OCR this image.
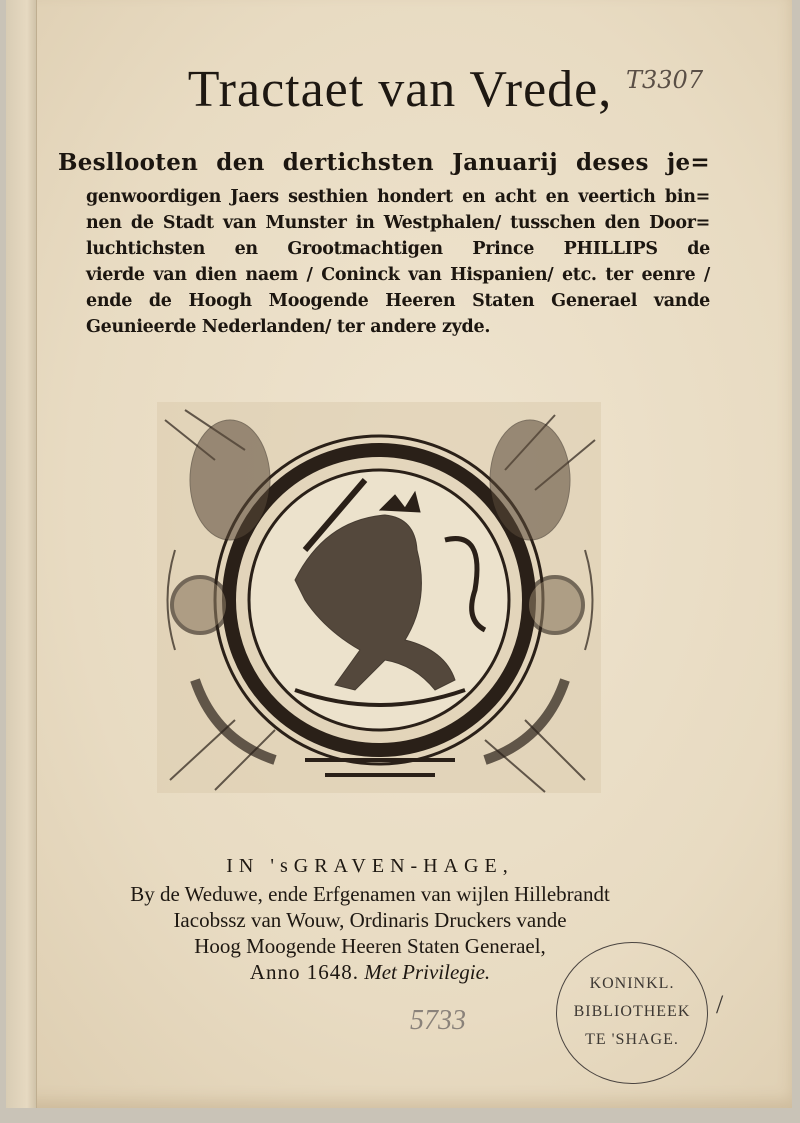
Tractaet van Vrede, T3307
Besllooten den dertichsten Januarij deses je=
genwoordigen Jaers sesthien hondert en acht en veertich bin=
nen de Stadt van Munster in Westphalen/ tusschen den Door=
luchtichsten en Grootmachtigen Prince PHILLIPS de
vierde van dien naem / Coninck van Hispanien/ etc. ter eenre /
ende de Hoogh Moogende Heeren Staten Generael vande
Geunieerde Nederlanden/ ter andere zyde.
IN 'sGRAVEN-HAGE,
By de Weduwe, ende Erfgenamen van wijlen Hillebrandt
Iacobssz van Wouw, Ordinaris Druckers vande
Hoog Moogende Heeren Staten Generael,
Anno 1648. Met Privilegie.
5733
KONINKL.
BIBLIOTHEEK
TE 'SHAGE.
/
